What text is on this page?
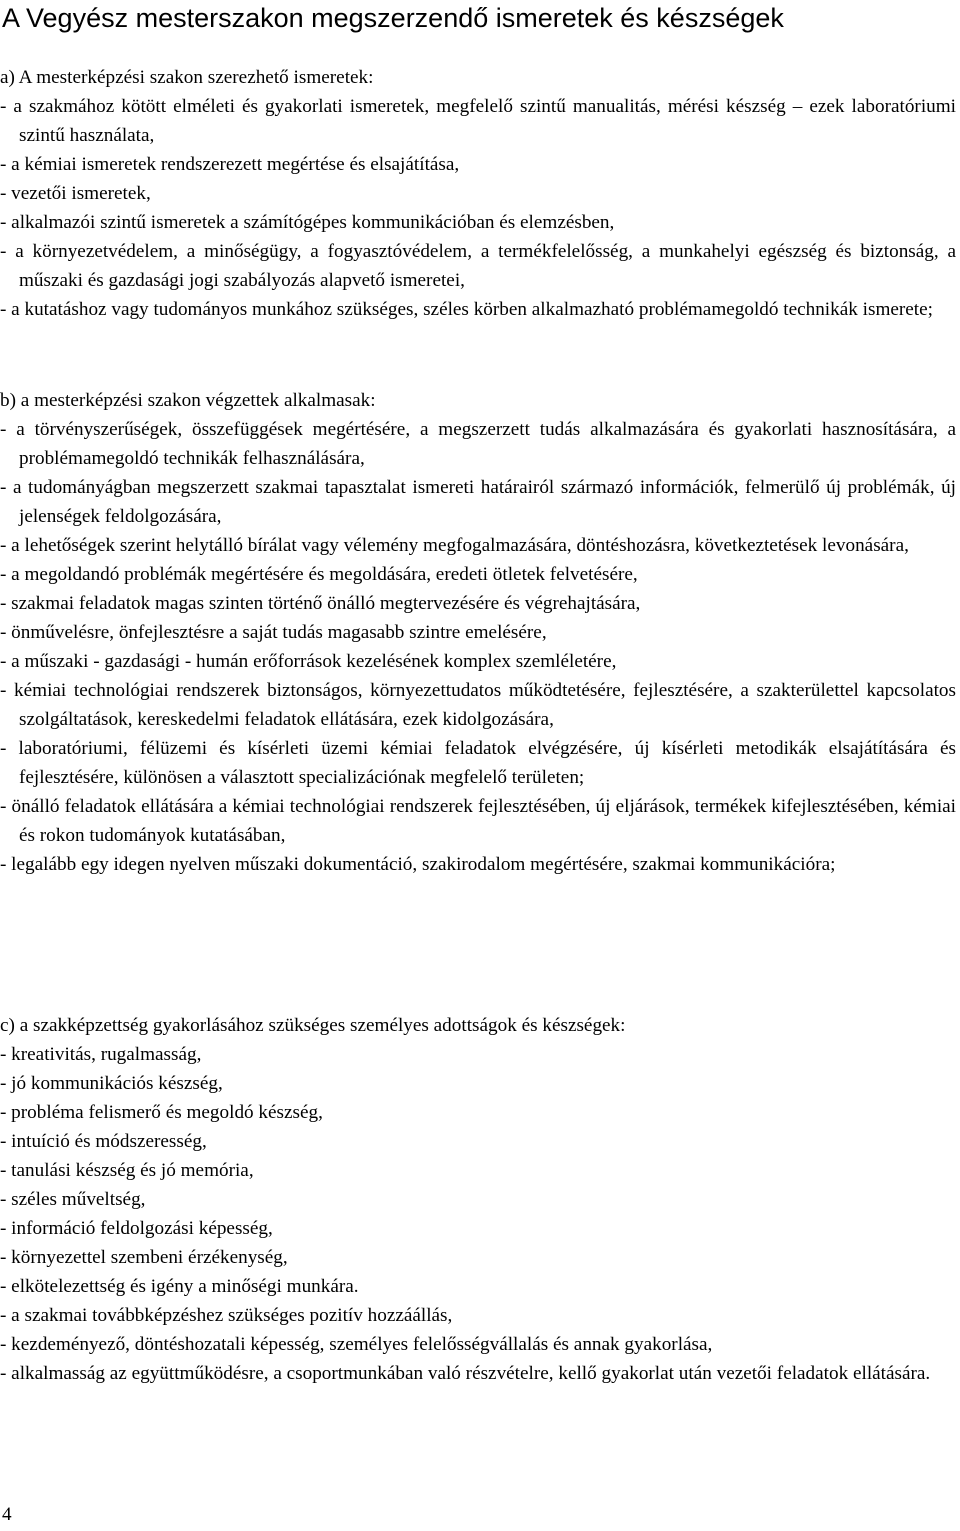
A Vegyész mesterszakon megszerzendő ismeretek és készségek
a) A mesterképzési szakon szerezhető ismeretek:
- a szakmához kötött elméleti és gyakorlati ismeretek, megfelelő szintű manualitás, mérési készség – ezek laboratóriumi szintű használata,
- a kémiai ismeretek rendszerezett megértése és elsajátítása,
- vezetői ismeretek,
- alkalmazói szintű ismeretek a számítógépes kommunikációban és elemzésben,
- a környezetvédelem, a minőségügy, a fogyasztóvédelem, a termékfelelősség, a munkahelyi egészség és biztonság, a műszaki és gazdasági jogi szabályozás alapvető ismeretei,
- a kutatáshoz vagy tudományos munkához szükséges, széles körben alkalmazható problémamegoldó technikák ismerete;
b) a mesterképzési szakon végzettek alkalmasak:
- a törvényszerűségek, összefüggések megértésére, a megszerzett tudás alkalmazására és gyakorlati hasznosítására, a problémamegoldó technikák felhasználására,
- a tudományágban megszerzett szakmai tapasztalat ismereti határairól származó információk, felmerülő új problémák, új jelenségek feldolgozására,
- a lehetőségek szerint helytálló bírálat vagy vélemény megfogalmazására, döntéshozásra, következtetések levonására,
- a megoldandó problémák megértésére és megoldására, eredeti ötletek felvetésére,
- szakmai feladatok magas szinten történő önálló megtervezésére és végrehajtására,
- önművelésre, önfejlesztésre a saját tudás magasabb szintre emelésére,
- a műszaki - gazdasági - humán erőforrások kezelésének komplex szemléletére,
- kémiai technológiai rendszerek biztonságos, környezettudatos működtetésére, fejlesztésére, a szakterülettel kapcsolatos szolgáltatások, kereskedelmi feladatok ellátására, ezek kidolgozására,
- laboratóriumi, félüzemi és kísérleti üzemi kémiai feladatok elvégzésére, új kísérleti metodikák elsajátítására és fejlesztésére, különösen a választott specializációnak megfelelő területen;
- önálló feladatok ellátására a kémiai technológiai rendszerek fejlesztésében, új eljárások, termékek kifejlesztésében, kémiai és rokon tudományok kutatásában,
- legalább egy idegen nyelven műszaki dokumentáció, szakirodalom megértésére, szakmai kommunikációra;
c) a szakképzettség gyakorlásához szükséges személyes adottságok és készségek:
- kreativitás, rugalmasság,
- jó kommunikációs készség,
- probléma felismerő és megoldó készség,
- intuíció és módszeresség,
- tanulási készség és jó memória,
- széles műveltség,
- információ feldolgozási képesség,
- környezettel szembeni érzékenység,
- elkötelezettség és igény a minőségi munkára.
- a szakmai továbbképzéshez szükséges pozitív hozzáállás,
- kezdeményező, döntéshozatali képesség, személyes felelősségvállalás és annak gyakorlása,
- alkalmasság az együttműködésre, a csoportmunkában való részvételre, kellő gyakorlat után vezetői feladatok ellátására.
4
